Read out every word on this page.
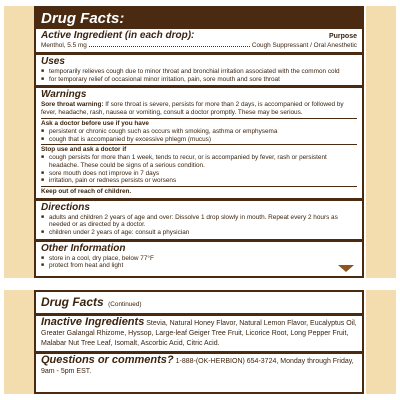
Drug Facts:
Active Ingredient (in each drop):	Purpose
Menthol, 5.5 mg	Cough Suppressant / Oral Anesthetic
Uses
■ temporarily relieves cough due to minor throat and bronchial irritation associated with the common cold
■ for temporary relief of occasional minor irritation, pain, sore mouth and sore throat
Warnings
Sore throat warning: If sore throat is severe, persists for more than 2 days, is accompanied or followed by fever, headache, rash, nausea or vomiting, consult a doctor promptly. These may be serious.
Ask a doctor before use if you have
■ persistent or chronic cough such as occurs with smoking, asthma or emphysema
■ cough that is accompanied by excessive phlegm (mucus)
Stop use and ask a doctor if
■ cough persists for more than 1 week, tends to recur, or is accompanied by fever, rash or persistent headache. These could be signs of a serious condition.
■ sore mouth does not improve in 7 days
■ irritation, pain or redness persists or worsens
Keep out of reach of children.
Directions
■ adults and children 2 years of age and over: Dissolve 1 drop slowly in mouth. Repeat every 2 hours as needed or as directed by a doctor.
■ children under 2 years of age: consult a physician
Other Information
■ store in a cool, dry place, below 77°F
■ protect from heat and light
Drug Facts (Continued)
Inactive Ingredients Stevia, Natural Honey Flavor, Natural Lemon Flavor, Eucalyptus Oil, Greater Galangal Rhizome, Hyssop, Large-leaf Geiger Tree Fruit, Licorice Root, Long Pepper Fruit, Malabar Nut Tree Leaf, Isomalt, Ascorbic Acid, Citric Acid.
Questions or comments? 1-888-(OK-HERBION) 654-3724, Monday through Friday, 9am - 5pm EST.
